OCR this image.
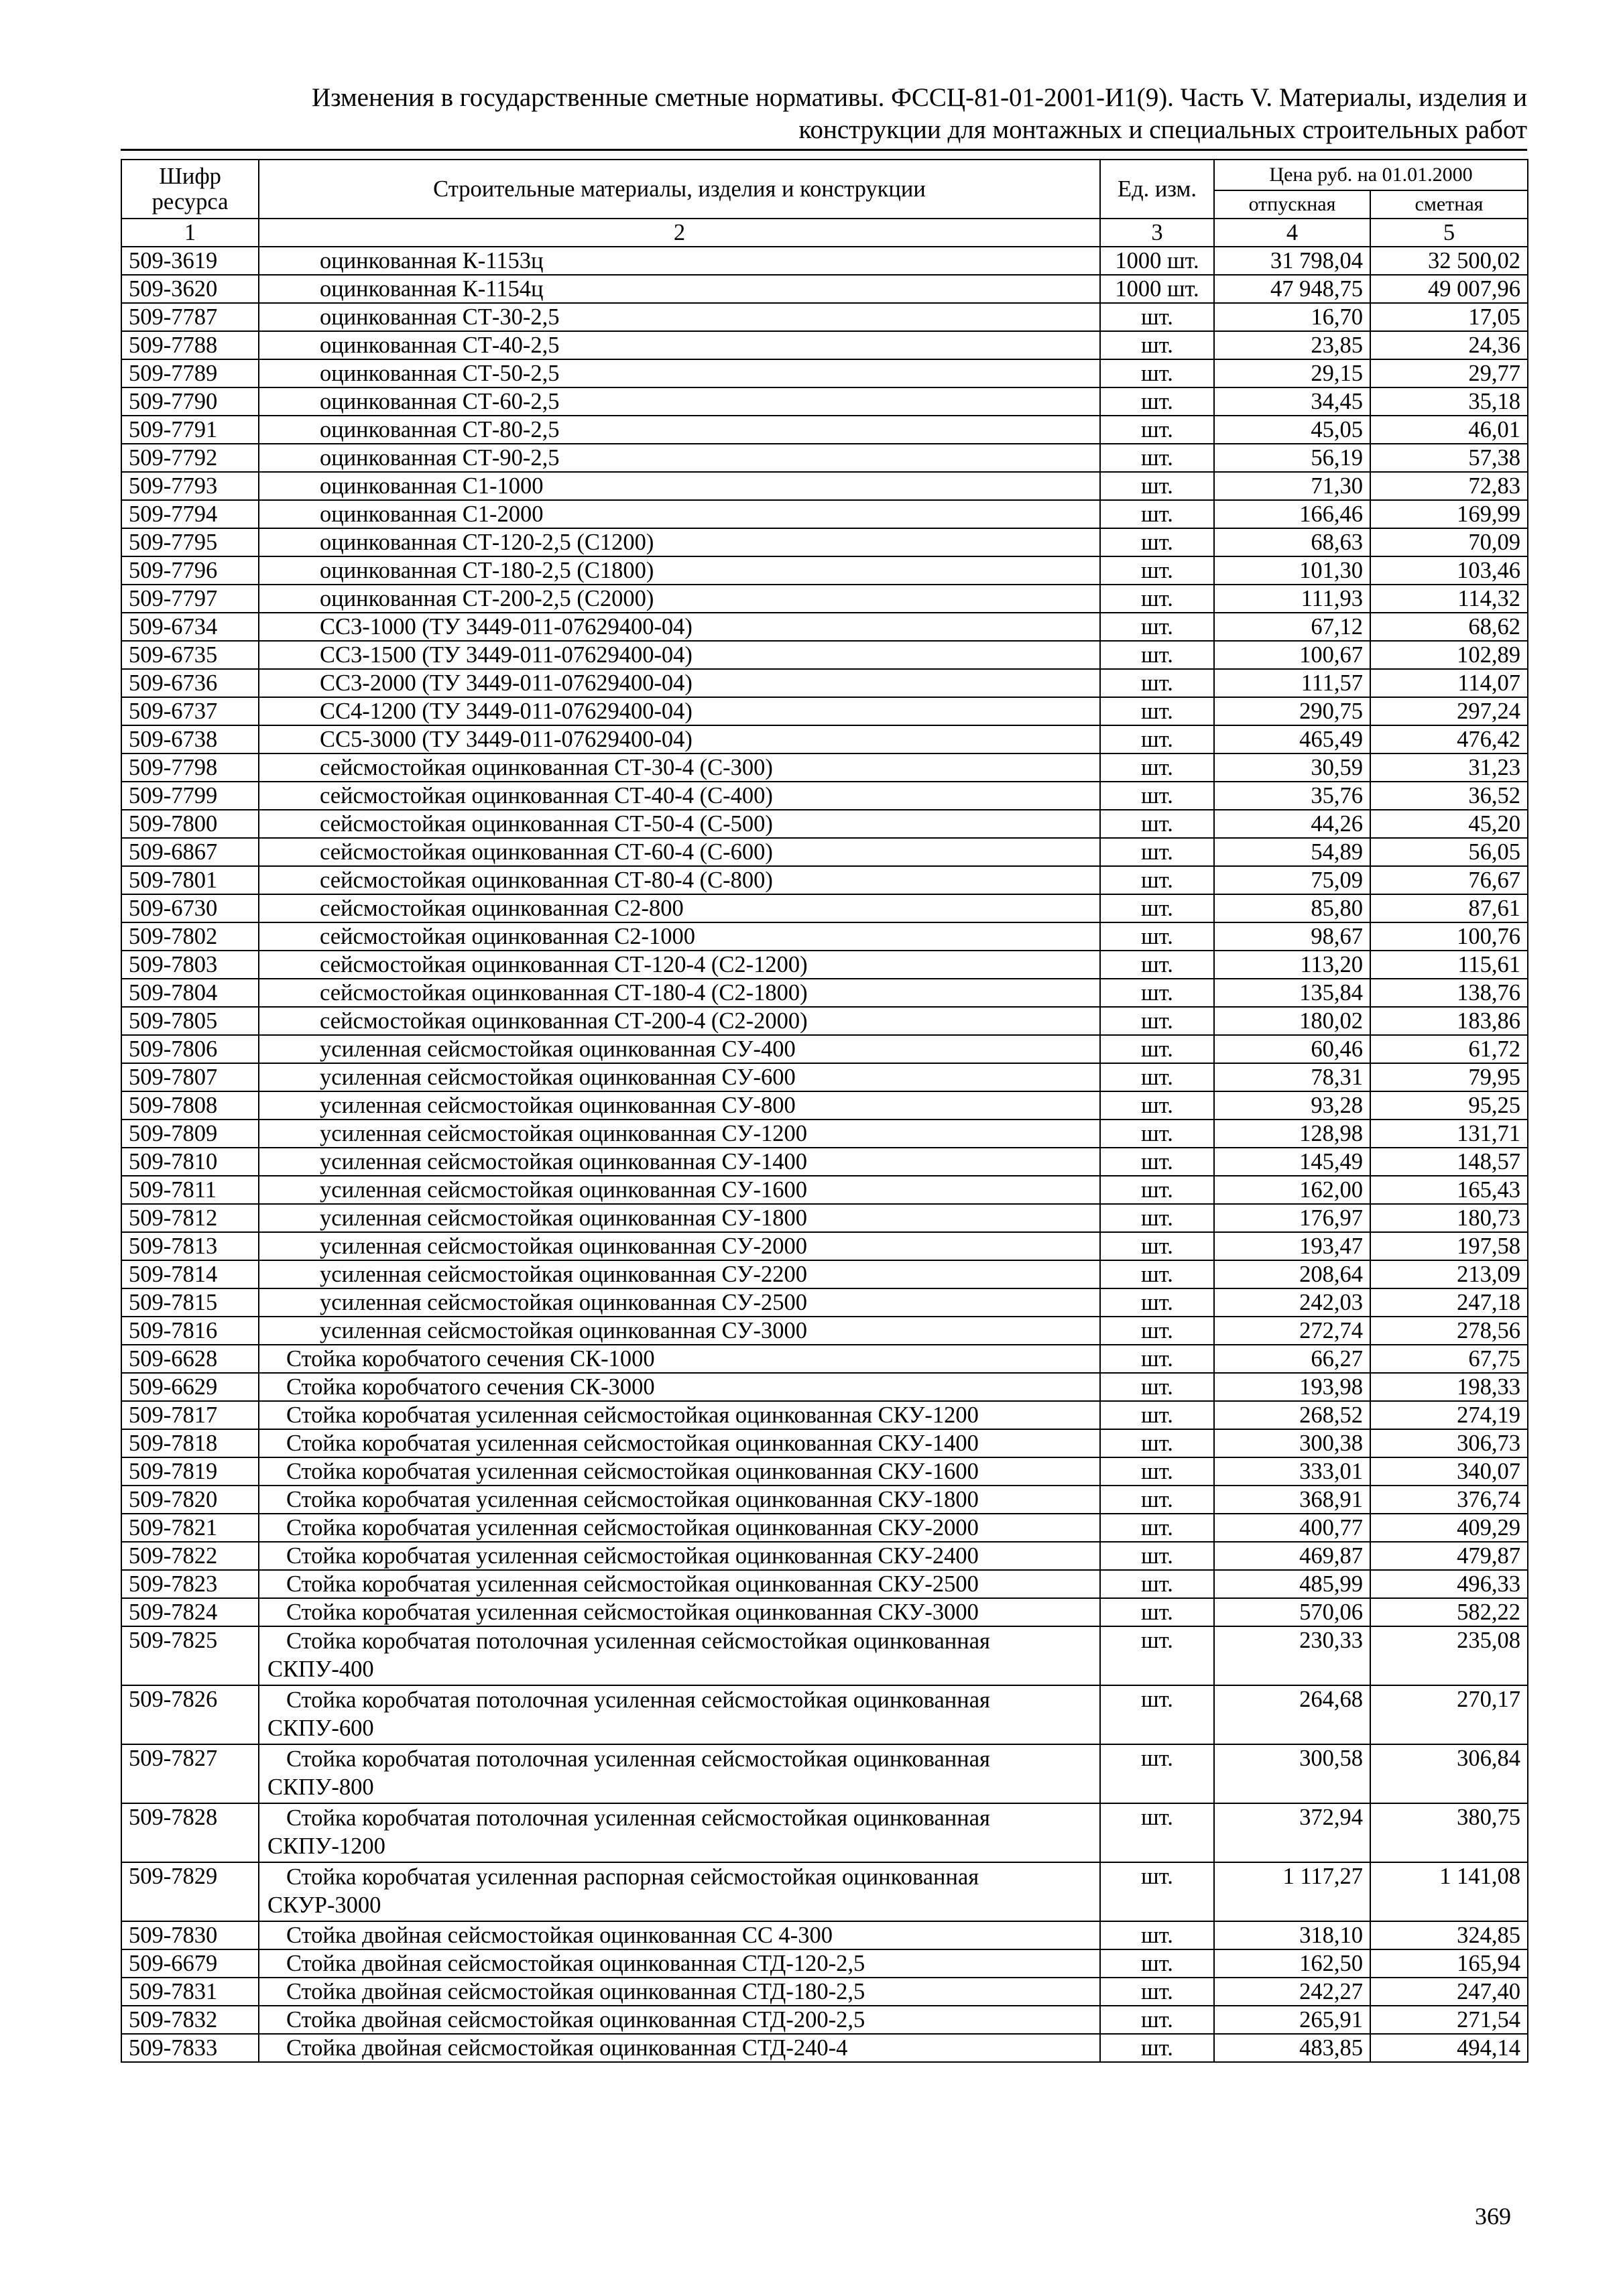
Изменения в государственные сметные нормативы. ФССЦ-81-01-2001-И1(9). Часть V. Материалы, изделия и
конструкции для монтажных и специальных строительных работ
Шифр ресурса	Строительные материалы, изделия и конструкции	Ед. изм.	Цена руб. на 01.01.2000	
			отпускная	сметная
1	2	3	4	5
509-3619	оцинкованная К-1153ц	1000 шт.	31 798,04	32 500,02
509-3620	оцинкованная К-1154ц	1000 шт.	47 948,75	49 007,96
509-7787	оцинкованная СТ-30-2,5	шт.	16,70	17,05
509-7788	оцинкованная СТ-40-2,5	шт.	23,85	24,36
509-7789	оцинкованная СТ-50-2,5	шт.	29,15	29,77
509-7790	оцинкованная СТ-60-2,5	шт.	34,45	35,18
509-7791	оцинкованная СТ-80-2,5	шт.	45,05	46,01
509-7792	оцинкованная СТ-90-2,5	шт.	56,19	57,38
509-7793	оцинкованная С1-1000	шт.	71,30	72,83
509-7794	оцинкованная С1-2000	шт.	166,46	169,99
509-7795	оцинкованная СТ-120-2,5 (С1200)	шт.	68,63	70,09
509-7796	оцинкованная СТ-180-2,5 (С1800)	шт.	101,30	103,46
509-7797	оцинкованная СТ-200-2,5 (С2000)	шт.	111,93	114,32
509-6734	СС3-1000 (ТУ 3449-011-07629400-04)	шт.	67,12	68,62
509-6735	СС3-1500 (ТУ 3449-011-07629400-04)	шт.	100,67	102,89
509-6736	СС3-2000 (ТУ 3449-011-07629400-04)	шт.	111,57	114,07
509-6737	СС4-1200 (ТУ 3449-011-07629400-04)	шт.	290,75	297,24
509-6738	СС5-3000 (ТУ 3449-011-07629400-04)	шт.	465,49	476,42
509-7798	сейсмостойкая оцинкованная СТ-30-4 (С-300)	шт.	30,59	31,23
509-7799	сейсмостойкая оцинкованная СТ-40-4 (С-400)	шт.	35,76	36,52
509-7800	сейсмостойкая оцинкованная СТ-50-4 (С-500)	шт.	44,26	45,20
509-6867	сейсмостойкая оцинкованная СТ-60-4 (С-600)	шт.	54,89	56,05
509-7801	сейсмостойкая оцинкованная СТ-80-4 (С-800)	шт.	75,09	76,67
509-6730	сейсмостойкая оцинкованная С2-800	шт.	85,80	87,61
509-7802	сейсмостойкая оцинкованная С2-1000	шт.	98,67	100,76
509-7803	сейсмостойкая оцинкованная СТ-120-4 (С2-1200)	шт.	113,20	115,61
509-7804	сейсмостойкая оцинкованная СТ-180-4 (С2-1800)	шт.	135,84	138,76
509-7805	сейсмостойкая оцинкованная СТ-200-4 (С2-2000)	шт.	180,02	183,86
509-7806	усиленная сейсмостойкая оцинкованная СУ-400	шт.	60,46	61,72
509-7807	усиленная сейсмостойкая оцинкованная СУ-600	шт.	78,31	79,95
509-7808	усиленная сейсмостойкая оцинкованная СУ-800	шт.	93,28	95,25
509-7809	усиленная сейсмостойкая оцинкованная СУ-1200	шт.	128,98	131,71
509-7810	усиленная сейсмостойкая оцинкованная СУ-1400	шт.	145,49	148,57
509-7811	усиленная сейсмостойкая оцинкованная СУ-1600	шт.	162,00	165,43
509-7812	усиленная сейсмостойкая оцинкованная СУ-1800	шт.	176,97	180,73
509-7813	усиленная сейсмостойкая оцинкованная СУ-2000	шт.	193,47	197,58
509-7814	усиленная сейсмостойкая оцинкованная СУ-2200	шт.	208,64	213,09
509-7815	усиленная сейсмостойкая оцинкованная СУ-2500	шт.	242,03	247,18
509-7816	усиленная сейсмостойкая оцинкованная СУ-3000	шт.	272,74	278,56
509-6628	Стойка коробчатого сечения СК-1000	шт.	66,27	67,75
509-6629	Стойка коробчатого сечения СК-3000	шт.	193,98	198,33
509-7817	Стойка коробчатая усиленная сейсмостойкая оцинкованная СКУ-1200	шт.	268,52	274,19
509-7818	Стойка коробчатая усиленная сейсмостойкая оцинкованная СКУ-1400	шт.	300,38	306,73
509-7819	Стойка коробчатая усиленная сейсмостойкая оцинкованная СКУ-1600	шт.	333,01	340,07
509-7820	Стойка коробчатая усиленная сейсмостойкая оцинкованная СКУ-1800	шт.	368,91	376,74
509-7821	Стойка коробчатая усиленная сейсмостойкая оцинкованная СКУ-2000	шт.	400,77	409,29
509-7822	Стойка коробчатая усиленная сейсмостойкая оцинкованная СКУ-2400	шт.	469,87	479,87
509-7823	Стойка коробчатая усиленная сейсмостойкая оцинкованная СКУ-2500	шт.	485,99	496,33
509-7824	Стойка коробчатая усиленная сейсмостойкая оцинкованная СКУ-3000	шт.	570,06	582,22
509-7825	Стойка коробчатая потолочная усиленная сейсмостойкая оцинкованная СКПУ-400	шт.	230,33	235,08
509-7826	Стойка коробчатая потолочная усиленная сейсмостойкая оцинкованная СКПУ-600	шт.	264,68	270,17
509-7827	Стойка коробчатая потолочная усиленная сейсмостойкая оцинкованная СКПУ-800	шт.	300,58	306,84
509-7828	Стойка коробчатая потолочная усиленная сейсмостойкая оцинкованная СКПУ-1200	шт.	372,94	380,75
509-7829	Стойка коробчатая усиленная распорная сейсмостойкая оцинкованная СКУР-3000	шт.	1 117,27	1 141,08
509-7830	Стойка двойная сейсмостойкая оцинкованная СС 4-300	шт.	318,10	324,85
509-6679	Стойка двойная сейсмостойкая оцинкованная СТД-120-2,5	шт.	162,50	165,94
509-7831	Стойка двойная сейсмостойкая оцинкованная СТД-180-2,5	шт.	242,27	247,40
509-7832	Стойка двойная сейсмостойкая оцинкованная СТД-200-2,5	шт.	265,91	271,54
509-7833	Стойка двойная сейсмостойкая оцинкованная СТД-240-4	шт.	483,85	494,14
369
